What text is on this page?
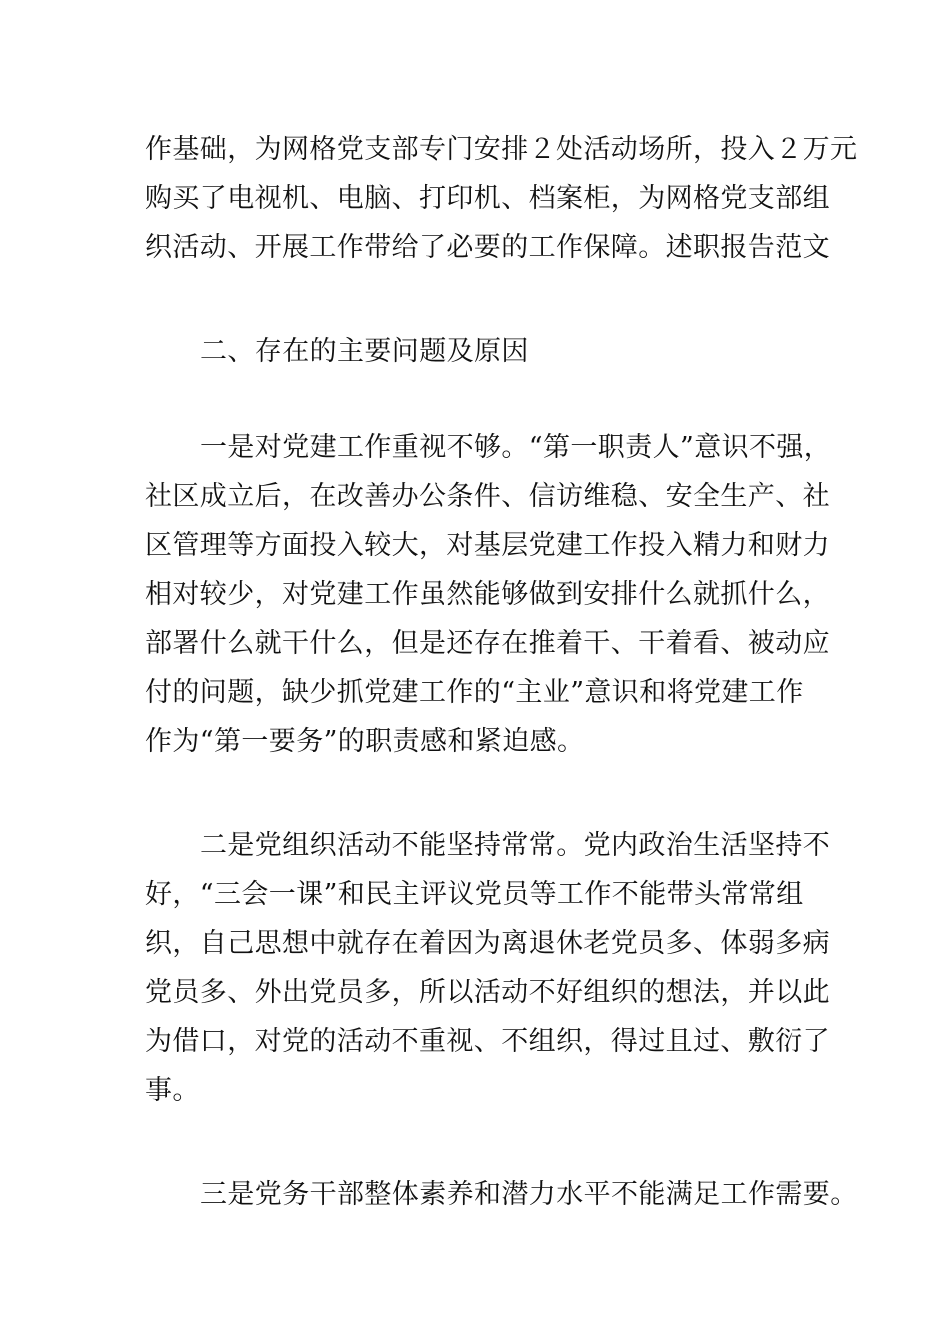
作基础，为网格党支部专门安排２处活动场所，投入２万元
购买了电视机、电脑、打印机、档案柜，为网格党支部组
织活动、开展工作带给了必要的工作保障。述职报告范文
二、存在的主要问题及原因
一是对党建工作重视不够。“第一职责人”意识不强，
社区成立后，在改善办公条件、信访维稳、安全生产、社
区管理等方面投入较大，对基层党建工作投入精力和财力
相对较少，对党建工作虽然能够做到安排什么就抓什么，
部署什么就干什么，但是还存在推着干、干着看、被动应
付的问题，缺少抓党建工作的“主业”意识和将党建工作
作为“第一要务”的职责感和紧迫感。
二是党组织活动不能坚持常常。党内政治生活坚持不
好，“三会一课”和民主评议党员等工作不能带头常常组
织，自己思想中就存在着因为离退休老党员多、体弱多病
党员多、外出党员多，所以活动不好组织的想法，并以此
为借口，对党的活动不重视、不组织，得过且过、敷衍了
事。
三是党务干部整体素养和潜力水平不能满足工作需要。
